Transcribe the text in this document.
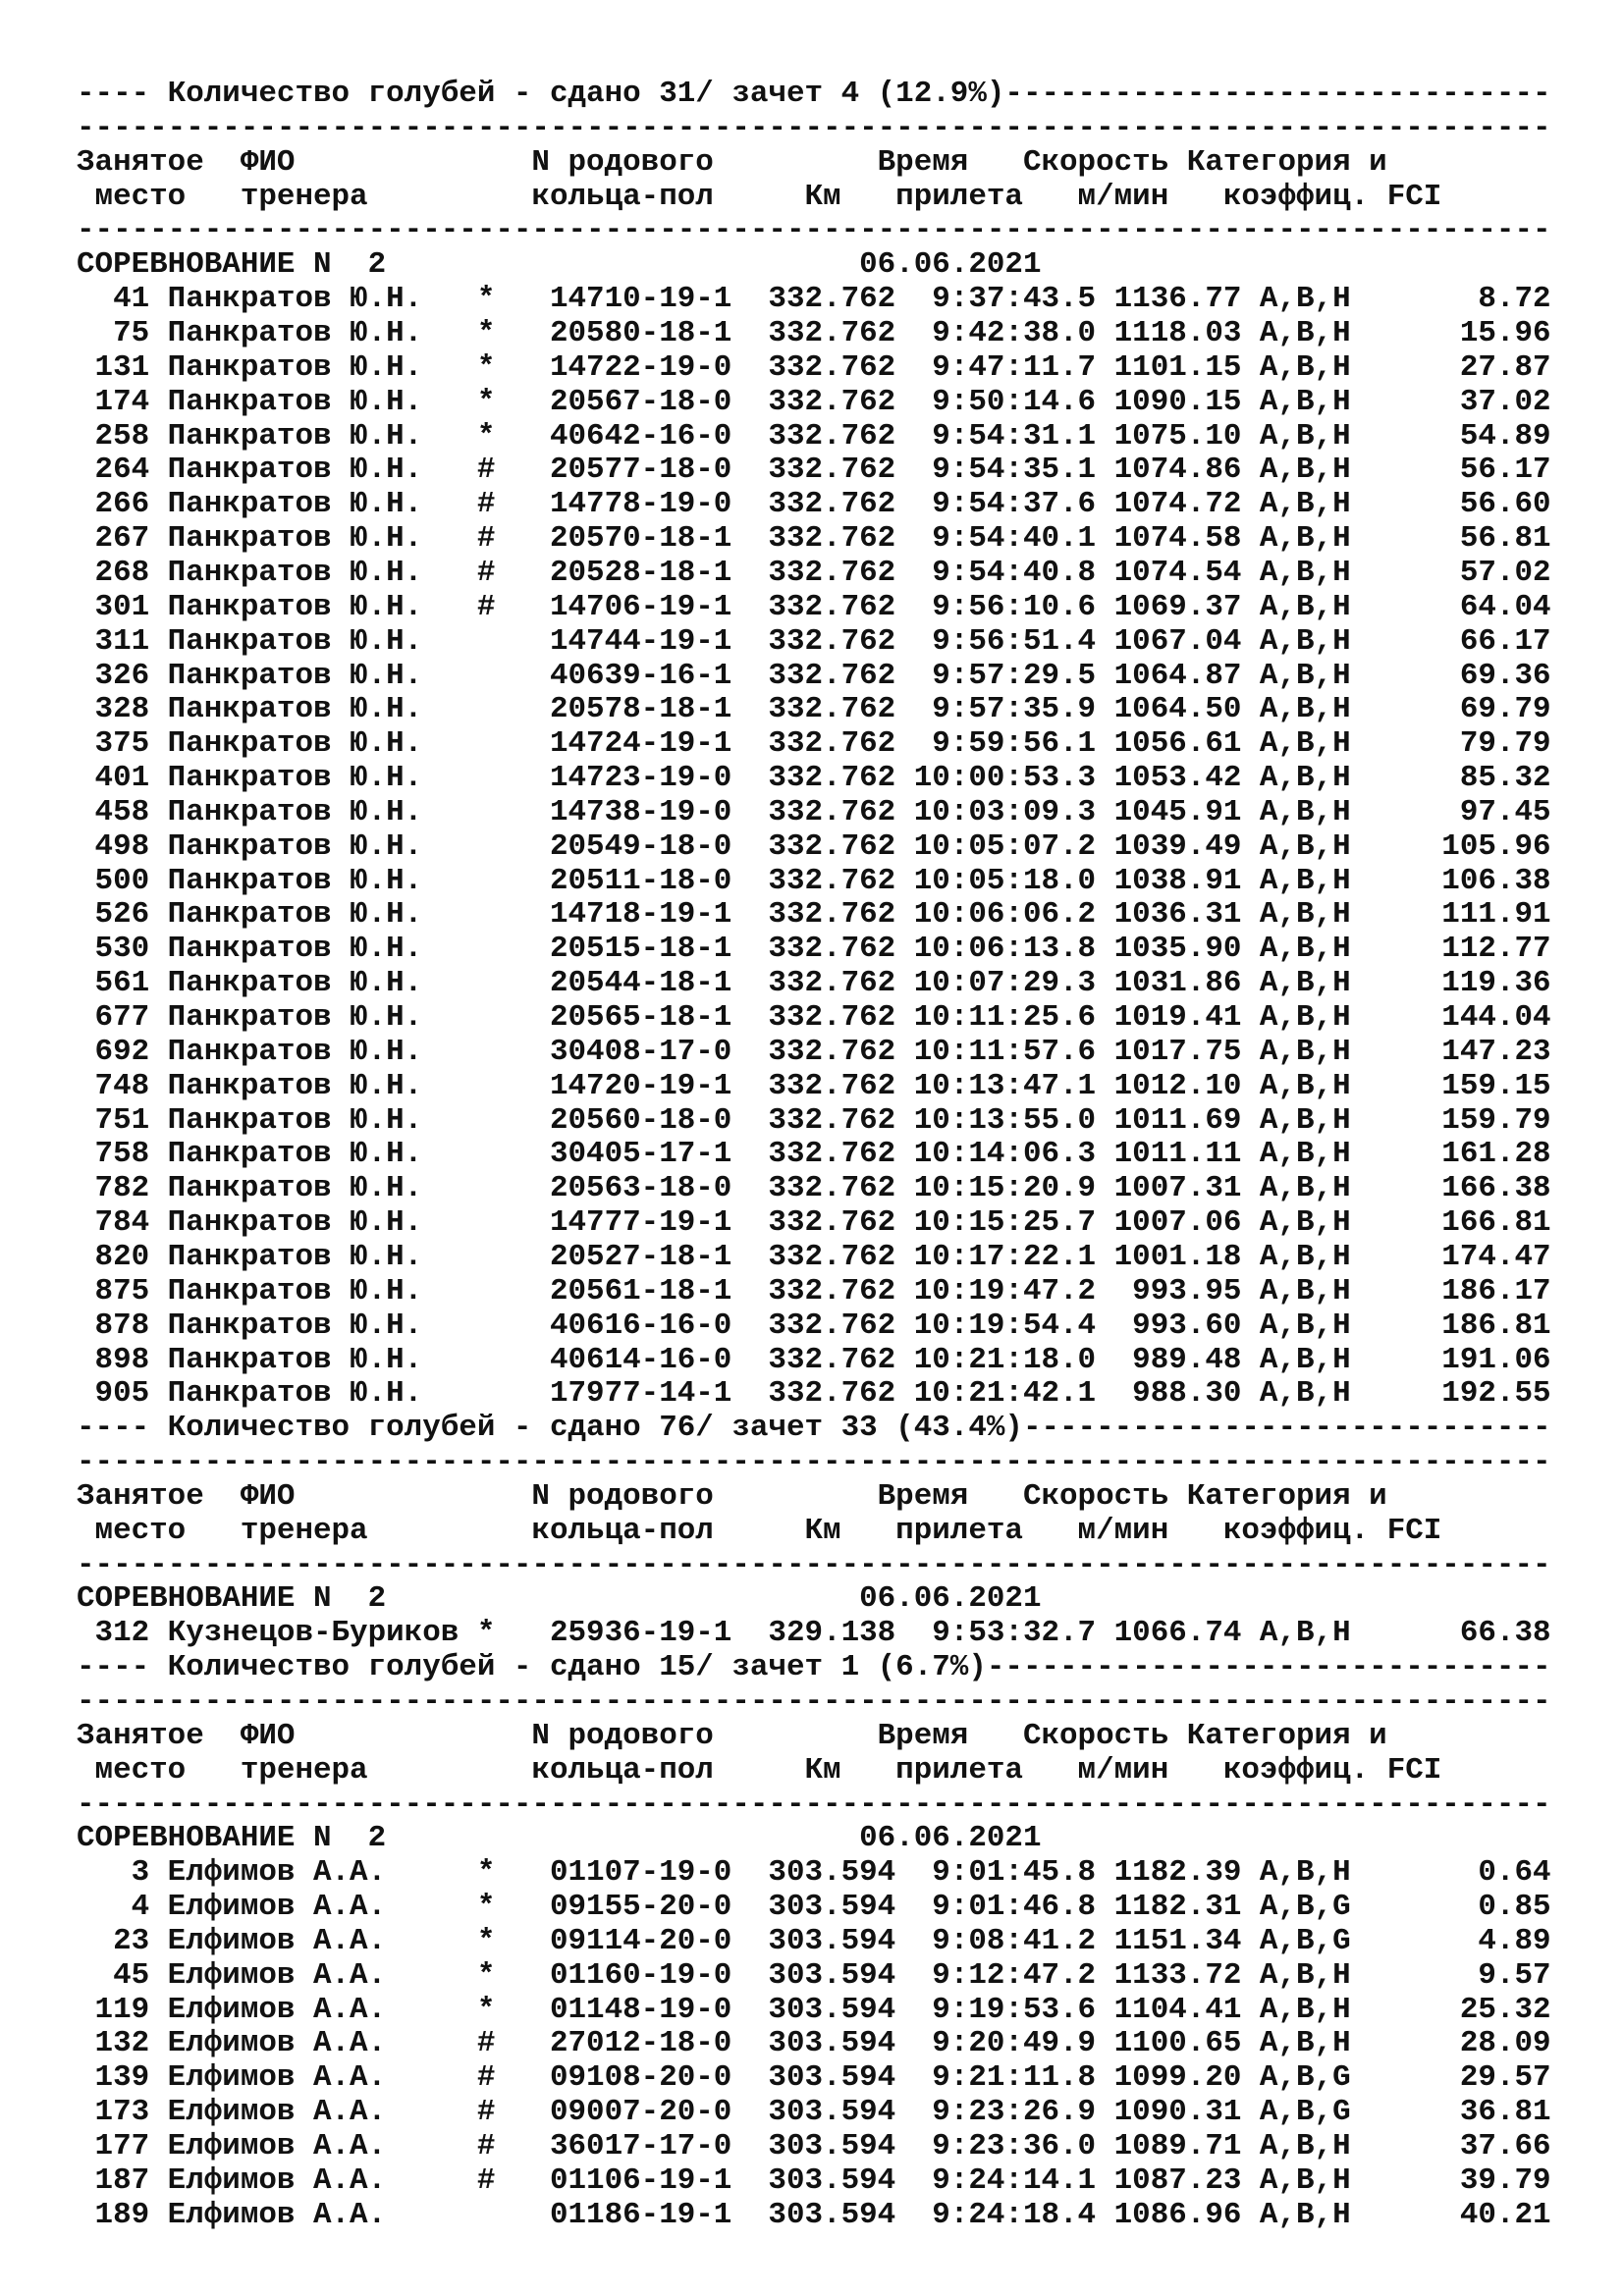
---- Количество голубей - сдано 31/ зачет 4 (12.9%)------------------------------
---------------------------------------------------------------------------------
Занятое  ФИО             N родового         Время   Скорость Категория и
место   тренера         кольца-пол     Км   прилета   м/мин   коэффиц. FCI
---------------------------------------------------------------------------------
СОРЕВНОВАНИЕ N  2                          06.06.2021
41 Панкратов Ю.Н.   *   14710-19-1  332.762  9:37:43.5 1136.77 A,B,H       8.72
75 Панкратов Ю.Н.   *   20580-18-1  332.762  9:42:38.0 1118.03 A,B,H      15.96
131 Панкратов Ю.Н.   *   14722-19-0  332.762  9:47:11.7 1101.15 A,B,H      27.87
174 Панкратов Ю.Н.   *   20567-18-0  332.762  9:50:14.6 1090.15 A,B,H      37.02
258 Панкратов Ю.Н.   *   40642-16-0  332.762  9:54:31.1 1075.10 A,B,H      54.89
264 Панкратов Ю.Н.   #   20577-18-0  332.762  9:54:35.1 1074.86 A,B,H      56.17
266 Панкратов Ю.Н.   #   14778-19-0  332.762  9:54:37.6 1074.72 A,B,H      56.60
267 Панкратов Ю.Н.   #   20570-18-1  332.762  9:54:40.1 1074.58 A,B,H      56.81
268 Панкратов Ю.Н.   #   20528-18-1  332.762  9:54:40.8 1074.54 A,B,H      57.02
301 Панкратов Ю.Н.   #   14706-19-1  332.762  9:56:10.6 1069.37 A,B,H      64.04
311 Панкратов Ю.Н.       14744-19-1  332.762  9:56:51.4 1067.04 A,B,H      66.17
326 Панкратов Ю.Н.       40639-16-1  332.762  9:57:29.5 1064.87 A,B,H      69.36
328 Панкратов Ю.Н.       20578-18-1  332.762  9:57:35.9 1064.50 A,B,H      69.79
375 Панкратов Ю.Н.       14724-19-1  332.762  9:59:56.1 1056.61 A,B,H      79.79
401 Панкратов Ю.Н.       14723-19-0  332.762 10:00:53.3 1053.42 A,B,H      85.32
458 Панкратов Ю.Н.       14738-19-0  332.762 10:03:09.3 1045.91 A,B,H      97.45
498 Панкратов Ю.Н.       20549-18-0  332.762 10:05:07.2 1039.49 A,B,H     105.96
500 Панкратов Ю.Н.       20511-18-0  332.762 10:05:18.0 1038.91 A,B,H     106.38
526 Панкратов Ю.Н.       14718-19-1  332.762 10:06:06.2 1036.31 A,B,H     111.91
530 Панкратов Ю.Н.       20515-18-1  332.762 10:06:13.8 1035.90 A,B,H     112.77
561 Панкратов Ю.Н.       20544-18-1  332.762 10:07:29.3 1031.86 A,B,H     119.36
677 Панкратов Ю.Н.       20565-18-1  332.762 10:11:25.6 1019.41 A,B,H     144.04
692 Панкратов Ю.Н.       30408-17-0  332.762 10:11:57.6 1017.75 A,B,H     147.23
748 Панкратов Ю.Н.       14720-19-1  332.762 10:13:47.1 1012.10 A,B,H     159.15
751 Панкратов Ю.Н.       20560-18-0  332.762 10:13:55.0 1011.69 A,B,H     159.79
758 Панкратов Ю.Н.       30405-17-1  332.762 10:14:06.3 1011.11 A,B,H     161.28
782 Панкратов Ю.Н.       20563-18-0  332.762 10:15:20.9 1007.31 A,B,H     166.38
784 Панкратов Ю.Н.       14777-19-1  332.762 10:15:25.7 1007.06 A,B,H     166.81
820 Панкратов Ю.Н.       20527-18-1  332.762 10:17:22.1 1001.18 A,B,H     174.47
875 Панкратов Ю.Н.       20561-18-1  332.762 10:19:47.2  993.95 A,B,H     186.17
878 Панкратов Ю.Н.       40616-16-0  332.762 10:19:54.4  993.60 A,B,H     186.81
898 Панкратов Ю.Н.       40614-16-0  332.762 10:21:18.0  989.48 A,B,H     191.06
905 Панкратов Ю.Н.       17977-14-1  332.762 10:21:42.1  988.30 A,B,H     192.55
---- Количество голубей - сдано 76/ зачет 33 (43.4%)-----------------------------
---------------------------------------------------------------------------------
Занятое  ФИО             N родового         Время   Скорость Категория и
место   тренера         кольца-пол     Км   прилета   м/мин   коэффиц. FCI
---------------------------------------------------------------------------------
СОРЕВНОВАНИЕ N  2                          06.06.2021
312 Кузнецов-Буриков *   25936-19-1  329.138  9:53:32.7 1066.74 A,B,H      66.38
---- Количество голубей - сдано 15/ зачет 1 (6.7%)-------------------------------
---------------------------------------------------------------------------------
Занятое  ФИО             N родового         Время   Скорость Категория и
место   тренера         кольца-пол     Км   прилета   м/мин   коэффиц. FCI
---------------------------------------------------------------------------------
СОРЕВНОВАНИЕ N  2                          06.06.2021
3 Елфимов А.А.     *   01107-19-0  303.594  9:01:45.8 1182.39 A,B,H       0.64
4 Елфимов А.А.     *   09155-20-0  303.594  9:01:46.8 1182.31 A,B,G       0.85
23 Елфимов А.А.     *   09114-20-0  303.594  9:08:41.2 1151.34 A,B,G       4.89
45 Елфимов А.А.     *   01160-19-0  303.594  9:12:47.2 1133.72 A,B,H       9.57
119 Елфимов А.А.     *   01148-19-0  303.594  9:19:53.6 1104.41 A,B,H      25.32
132 Елфимов А.А.     #   27012-18-0  303.594  9:20:49.9 1100.65 A,B,H      28.09
139 Елфимов А.А.     #   09108-20-0  303.594  9:21:11.8 1099.20 A,B,G      29.57
173 Елфимов А.А.     #   09007-20-0  303.594  9:23:26.9 1090.31 A,B,G      36.81
177 Елфимов А.А.     #   36017-17-0  303.594  9:23:36.0 1089.71 A,B,H      37.66
187 Елфимов А.А.     #   01106-19-1  303.594  9:24:14.1 1087.23 A,B,H      39.79
189 Елфимов А.А.         01186-19-1  303.594  9:24:18.4 1086.96 A,B,H      40.21
